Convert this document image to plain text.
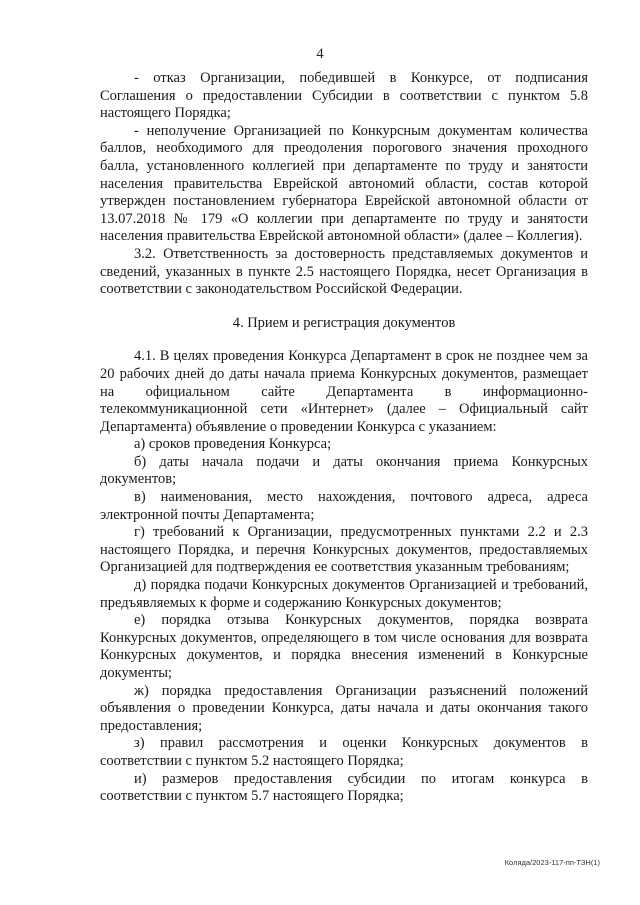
4

- отказ Организации, победившей в Конкурсе, от подписания Соглашения о предоставлении Субсидии в соответствии с пунктом 5.8 настоящего Порядка;

- неполучение Организацией по Конкурсным документам количества баллов, необходимого для преодоления порогового значения проходного балла, установленного коллегией при департаменте по труду и занятости населения правительства Еврейской автономий области, состав которой утвержден постановлением губернатора Еврейской автономной области от 13.07.2018 № 179 «О коллегии при департаменте по труду и занятости населения правительства Еврейской автономной области» (далее – Коллегия).

3.2. Ответственность за достоверность представляемых документов и сведений, указанных в пункте 2.5 настоящего Порядка, несет Организация в соответствии с законодательством Российской Федерации.

4. Прием и регистрация документов

4.1. В целях проведения Конкурса Департамент в срок не позднее чем за 20 рабочих дней до даты начала приема Конкурсных документов, размещает на официальном сайте Департамента в информационно-телекоммуникационной сети «Интернет» (далее – Официальный сайт Департамента) объявление о проведении Конкурса с указанием:

а) сроков проведения Конкурса;

б) даты начала подачи и даты окончания приема Конкурсных документов;

в) наименования, место нахождения, почтового адреса, адреса электронной почты Департамента;

г) требований к Организации, предусмотренных пунктами 2.2 и 2.3 настоящего Порядка, и перечня Конкурсных документов, предоставляемых Организацией для подтверждения ее соответствия указанным требованиям;

д) порядка подачи Конкурсных документов Организацией и требований, предъявляемых к форме и содержанию Конкурсных документов;

е) порядка отзыва Конкурсных документов, порядка возврата Конкурсных документов, определяющего в том числе основания для возврата Конкурсных документов, и порядка внесения изменений в Конкурсные документы;

ж) порядка предоставления Организации разъяснений положений объявления о проведении Конкурса, даты начала и даты окончания такого предоставления;

з) правил рассмотрения и оценки Конкурсных документов в соответствии с пунктом 5.2 настоящего Порядка;

и) размеров предоставления субсидии по итогам конкурса в соответствии с пунктом 5.7 настоящего Порядка;

Коляда/2023-117-пп-ТЗН(1)
